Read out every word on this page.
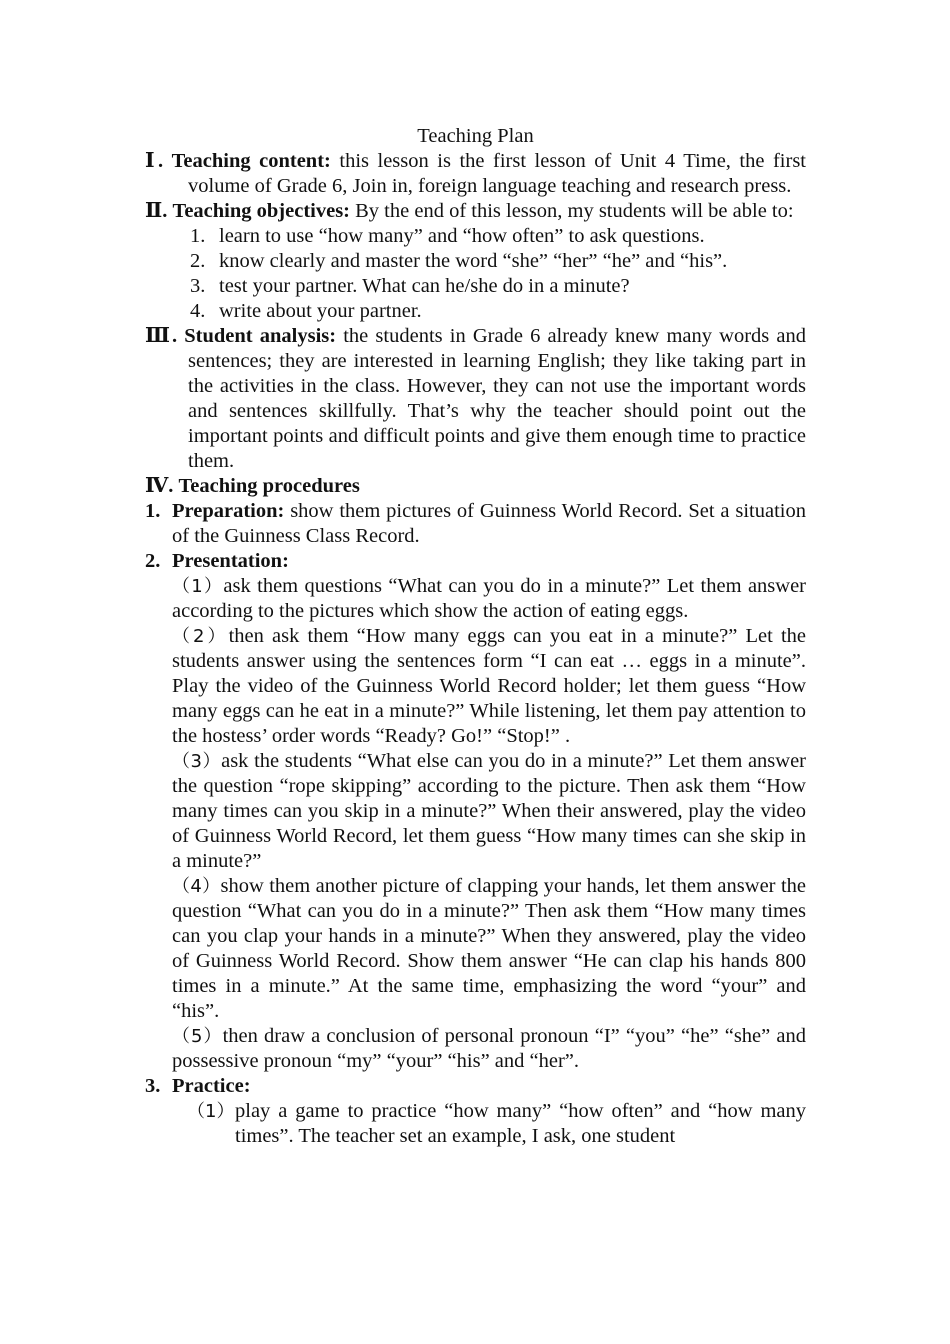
Teaching Plan
Ⅰ. Teaching content: this lesson is the first lesson of Unit 4 Time, the first volume of Grade 6, Join in, foreign language teaching and research press.
Ⅱ. Teaching objectives: By the end of this lesson, my students will be able to:
1. learn to use “how many” and “how often” to ask questions.
2. know clearly and master the word “she” “her” “he” and “his”.
3. test your partner. What can he/she do in a minute?
4. write about your partner.
Ⅲ. Student analysis: the students in Grade 6 already knew many words and sentences; they are interested in learning English; they like taking part in the activities in the class. However, they can not use the important words and sentences skillfully. That’s why the teacher should point out the important points and difficult points and give them enough time to practice them.
Ⅳ. Teaching procedures
1. Preparation: show them pictures of Guinness World Record. Set a situation of the Guinness Class Record.
2. Presentation:
（1）ask them questions “What can you do in a minute?” Let them answer according to the pictures which show the action of eating eggs.
（2）then ask them “How many eggs can you eat in a minute?” Let the students answer using the sentences form “I can eat … eggs in a minute”. Play the video of the Guinness World Record holder; let them guess “How many eggs can he eat in a minute?” While listening, let them pay attention to the hostess’ order words “Ready? Go!” “Stop!” .
（3）ask the students “What else can you do in a minute?” Let them answer the question “rope skipping” according to the picture. Then ask them “How many times can you skip in a minute?” When their answered, play the video of Guinness World Record, let them guess “How many times can she skip in a minute?”
（4）show them another picture of clapping your hands, let them answer the question “What can you do in a minute?” Then ask them “How many times can you clap your hands in a minute?” When they answered, play the video of Guinness World Record. Show them answer “He can clap his hands 800 times in a minute.” At the same time, emphasizing the word “your” and “his”.
（5）then draw a conclusion of personal pronoun “I” “you” “he” “she” and possessive pronoun “my” “your” “his” and “her”.
3. Practice:
（1） play a game to practice “how many” “how often” and “how many times”. The teacher set an example, I ask, one student
